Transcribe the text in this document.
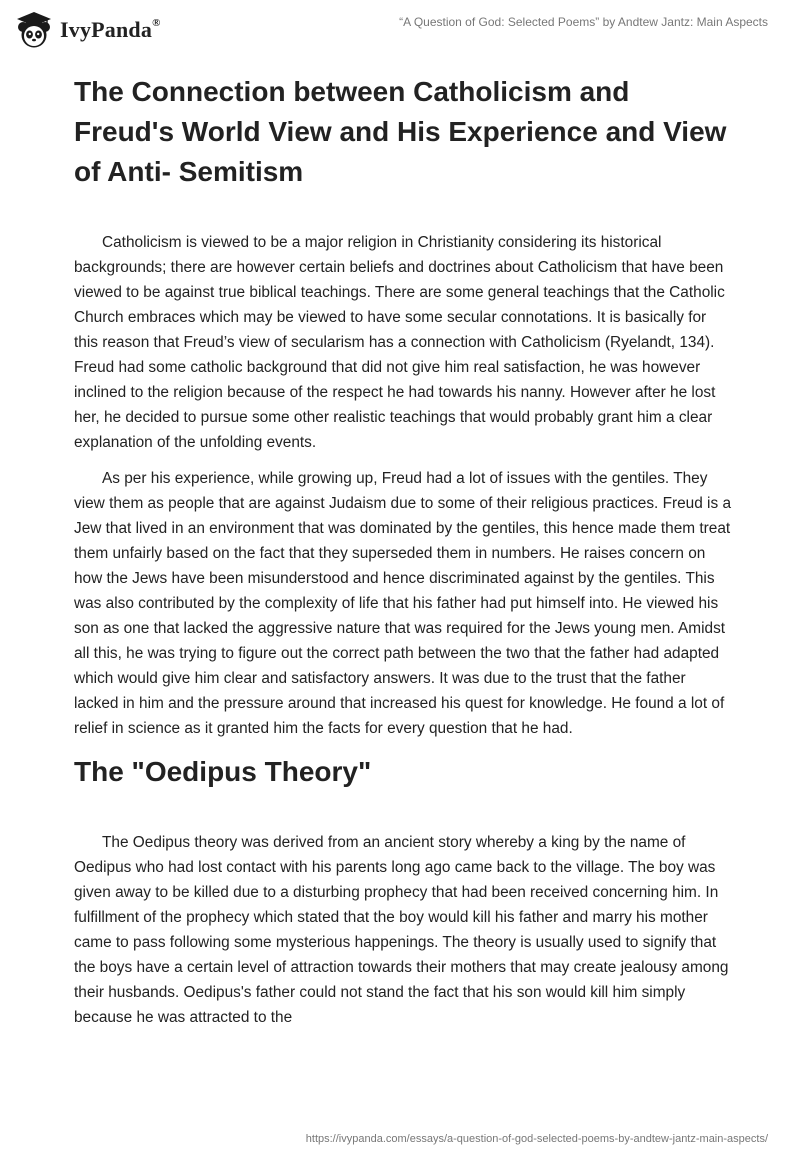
IvyPanda®	“A Question of God: Selected Poems” by Andtew Jantz: Main Aspects
The Connection between Catholicism and Freud's World View and His Experience and View of Anti- Semitism

Catholicism is viewed to be a major religion in Christianity considering its historical backgrounds; there are however certain beliefs and doctrines about Catholicism that have been viewed to be against true biblical teachings. There are some general teachings that the Catholic Church embraces which may be viewed to have some secular connotations. It is basically for this reason that Freud’s view of secularism has a connection with Catholicism (Ryelandt, 134). Freud had some catholic background that did not give him real satisfaction, he was however inclined to the religion because of the respect he had towards his nanny. However after he lost her, he decided to pursue some other realistic teachings that would probably grant him a clear explanation of the unfolding events.

As per his experience, while growing up, Freud had a lot of issues with the gentiles. They view them as people that are against Judaism due to some of their religious practices. Freud is a Jew that lived in an environment that was dominated by the gentiles, this hence made them treat them unfairly based on the fact that they superseded them in numbers. He raises concern on how the Jews have been misunderstood and hence discriminated against by the gentiles. This was also contributed by the complexity of life that his father had put himself into. He viewed his son as one that lacked the aggressive nature that was required for the Jews young men. Amidst all this, he was trying to figure out the correct path between the two that the father had adapted which would give him clear and satisfactory answers. It was due to the trust that the father lacked in him and the pressure around that increased his quest for knowledge. He found a lot of relief in science as it granted him the facts for every question that he had.

The "Oedipus Theory"

The Oedipus theory was derived from an ancient story whereby a king by the name of Oedipus who had lost contact with his parents long ago came back to the village. The boy was given away to be killed due to a disturbing prophecy that had been received concerning him. In fulfillment of the prophecy which stated that the boy would kill his father and marry his mother came to pass following some mysterious happenings. The theory is usually used to signify that the boys have a certain level of attraction towards their mothers that may create jealousy among their husbands. Oedipus's father could not stand the fact that his son would kill him simply because he was attracted to the

https://ivypanda.com/essays/a-question-of-god-selected-poems-by-andtew-jantz-main-aspects/
